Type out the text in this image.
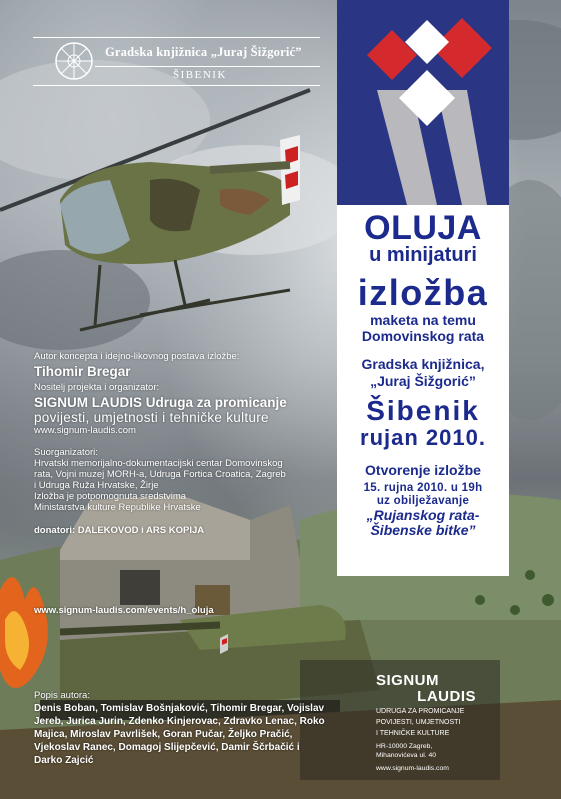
Gradska knjižnica „Juraj Šižgorić”
ŠIBENIK
OLUJA
u minijaturi
izložba
maketa na temu
Domovinskog rata
Gradska knjižnica,
„Juraj Šižgorić”
Šibenik
rujan 2010.
Otvorenje izložbe
15. rujna 2010. u 19h
uz obilježavanje
„Rujanskog rata-
Šibenske bitke”
Autor koncepta i idejno-likovnog postava izložbe:
Tihomir Bregar
Nositelj projekta i organizator:
SIGNUM LAUDIS Udruga za promicanje
povijesti, umjetnosti i tehničke kulture
www.signum-laudis.com
Suorganizatori:
Hrvatski memorijalno-dokumentacijski centar Domovinskog
rata, Vojni muzej MORH-a, Udruga Fortica Croatica, Zagreb
i Udruga Ruža Hrvatske, Žirje
Izložba je potpomognuta sredstvima
Ministarstva kulture Republike Hrvatske
donatori: DALEKOVOD i ARS KOPIJA
www.signum-laudis.com/events/h_oluja
Popis autora:
Denis Boban, Tomislav Bošnjaković, Tihomir Bregar, Vojislav
Jereb, Jurica Jurin, Zdenko Kinjerovac, Zdravko Lenac, Roko
Majica, Miroslav Pavrlišek, Goran Pučar, Željko Pračić,
Vjekoslav Ranec, Domagoj Slijepčević, Damir Ščrbačić i
Darko Zajcić
SIGNUM
LAUDIS
UDRUGA ZA PROMICANJE
POVIJESTI, UMJETNOSTI
I TEHNIČKE KULTURE
HR-10000 Zagreb,
Mihanovićeva ul. 40
www.signum-laudis.com
